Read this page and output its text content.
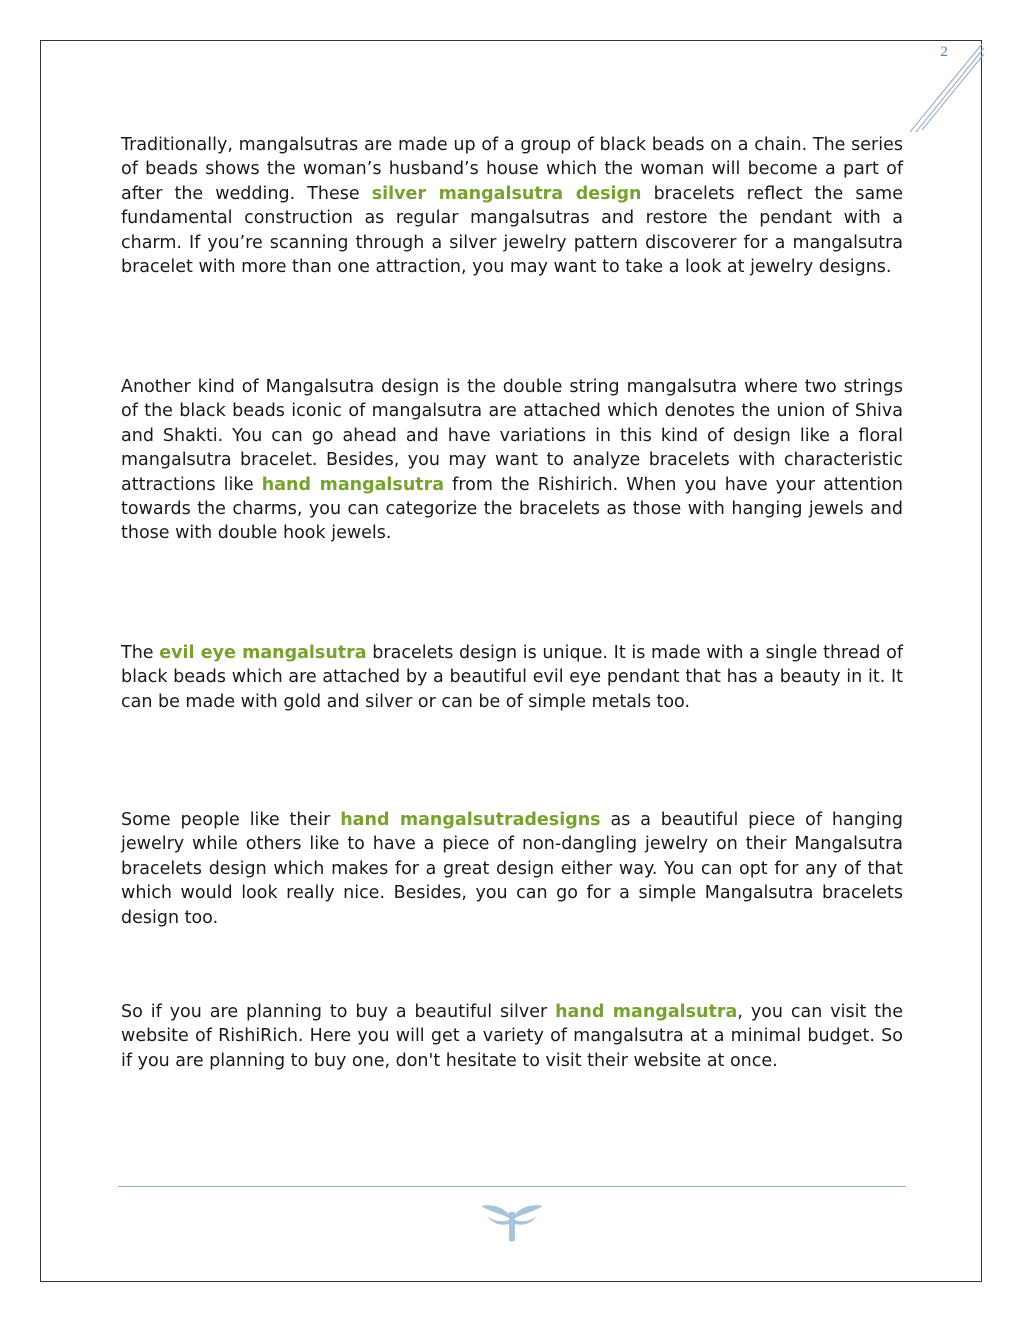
2

Traditionally, mangalsutras are made up of a group of black beads on a chain. The series of beads shows the woman’s husband’s house which the woman will become a part of after the wedding. These silver mangalsutra design bracelets reflect the same fundamental construction as regular mangalsutras and restore the pendant with a charm. If you’re scanning through a silver jewelry pattern discoverer for a mangalsutra bracelet with more than one attraction, you may want to take a look at jewelry designs.

Another kind of Mangalsutra design is the double string mangalsutra where two strings of the black beads iconic of mangalsutra are attached which denotes the union of Shiva and Shakti. You can go ahead and have variations in this kind of design like a floral mangalsutra bracelet. Besides, you may want to analyze bracelets with characteristic attractions like hand mangalsutra from the Rishirich. When you have your attention towards the charms, you can categorize the bracelets as those with hanging jewels and those with double hook jewels.

The evil eye mangalsutra bracelets design is unique. It is made with a single thread of black beads which are attached by a beautiful evil eye pendant that has a beauty in it. It can be made with gold and silver or can be of simple metals too.

Some people like their hand mangalsutradesigns as a beautiful piece of hanging jewelry while others like to have a piece of non-dangling jewelry on their Mangalsutra bracelets design which makes for a great design either way. You can opt for any of that which would look really nice. Besides, you can go for a simple Mangalsutra bracelets design too.

So if you are planning to buy a beautiful silver hand mangalsutra, you can visit the website of RishiRich. Here you will get a variety of mangalsutra at a minimal budget. So if you are planning to buy one, don't hesitate to visit their website at once.
